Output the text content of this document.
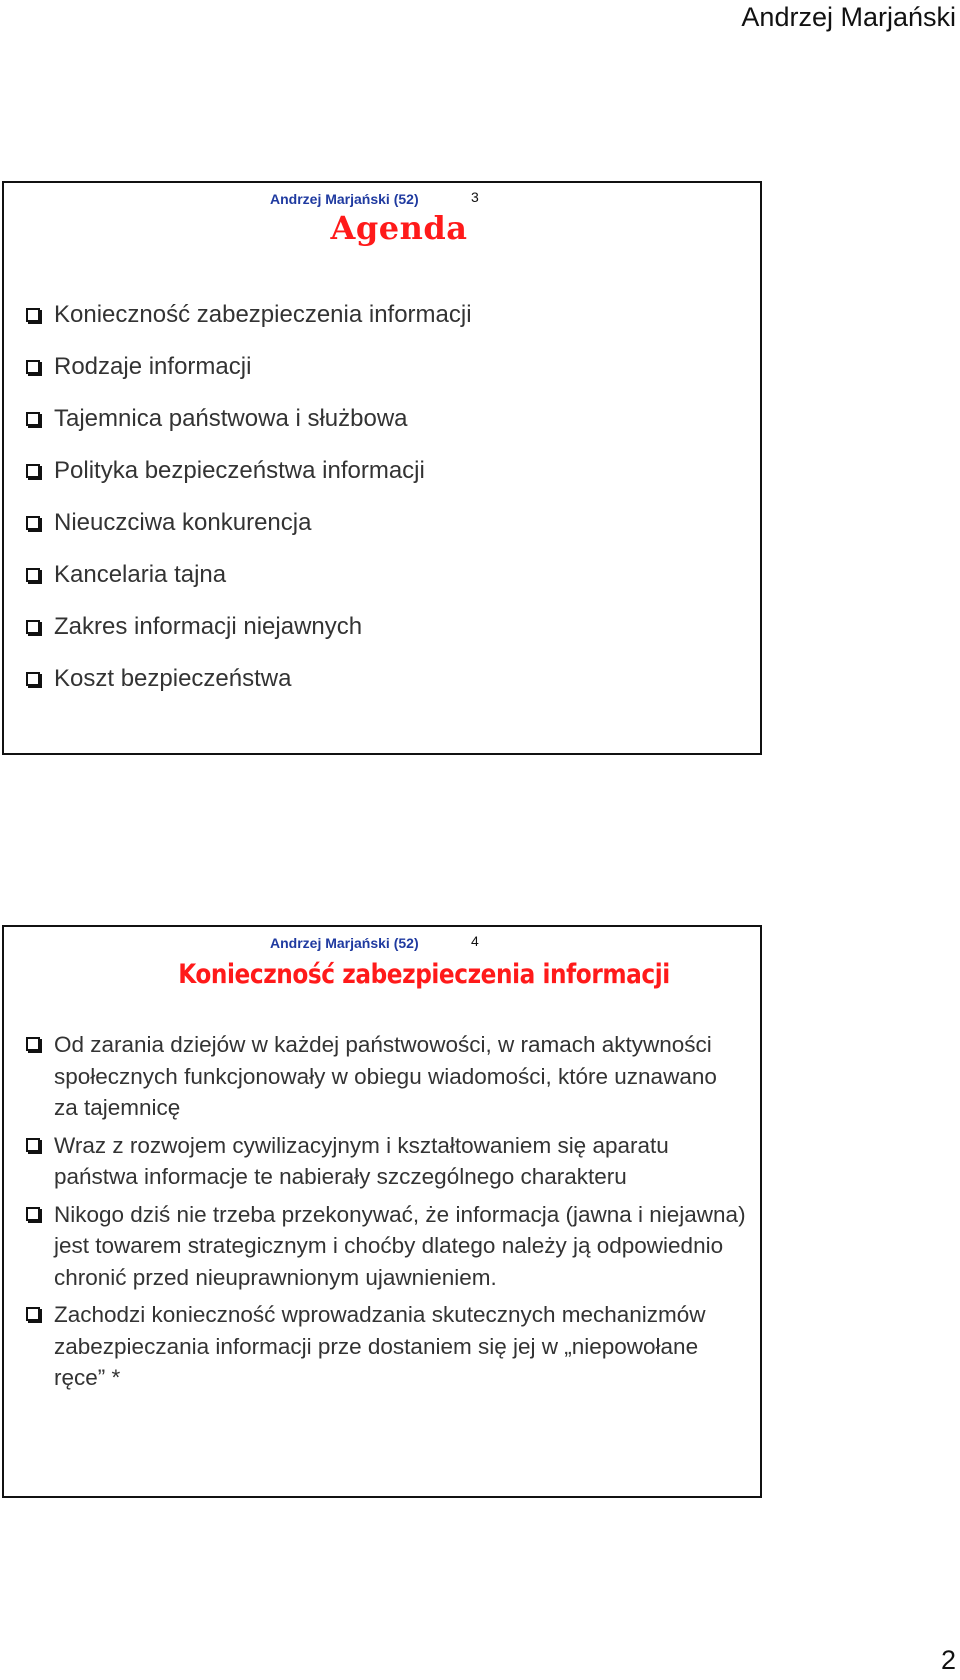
Andrzej Marjański
Andrzej Marjański (52)	3
Agenda
Konieczność zabezpieczenia informacji
Rodzaje informacji
Tajemnica państwowa i służbowa
Polityka bezpieczeństwa informacji
Nieuczciwa konkurencja
Kancelaria tajna
Zakres informacji niejawnych
Koszt bezpieczeństwa
Andrzej Marjański (52)	4
Konieczność zabezpieczenia informacji
Od zarania dziejów w każdej państwowości, w ramach aktywności społecznych funkcjonowały w obiegu wiadomości, które uznawano za tajemnicę
Wraz z rozwojem cywilizacyjnym i kształtowaniem się aparatu państwa informacje te nabierały szczególnego charakteru
Nikogo dziś nie trzeba przekonywać, że informacja (jawna i niejawna) jest towarem strategicznym i choćby dlatego należy ją odpowiednio chronić przed nieuprawnionym ujawnieniem.
Zachodzi konieczność wprowadzania skutecznych mechanizmów zabezpieczania informacji prze dostaniem się jej w „niepowołane ręce” *
2
